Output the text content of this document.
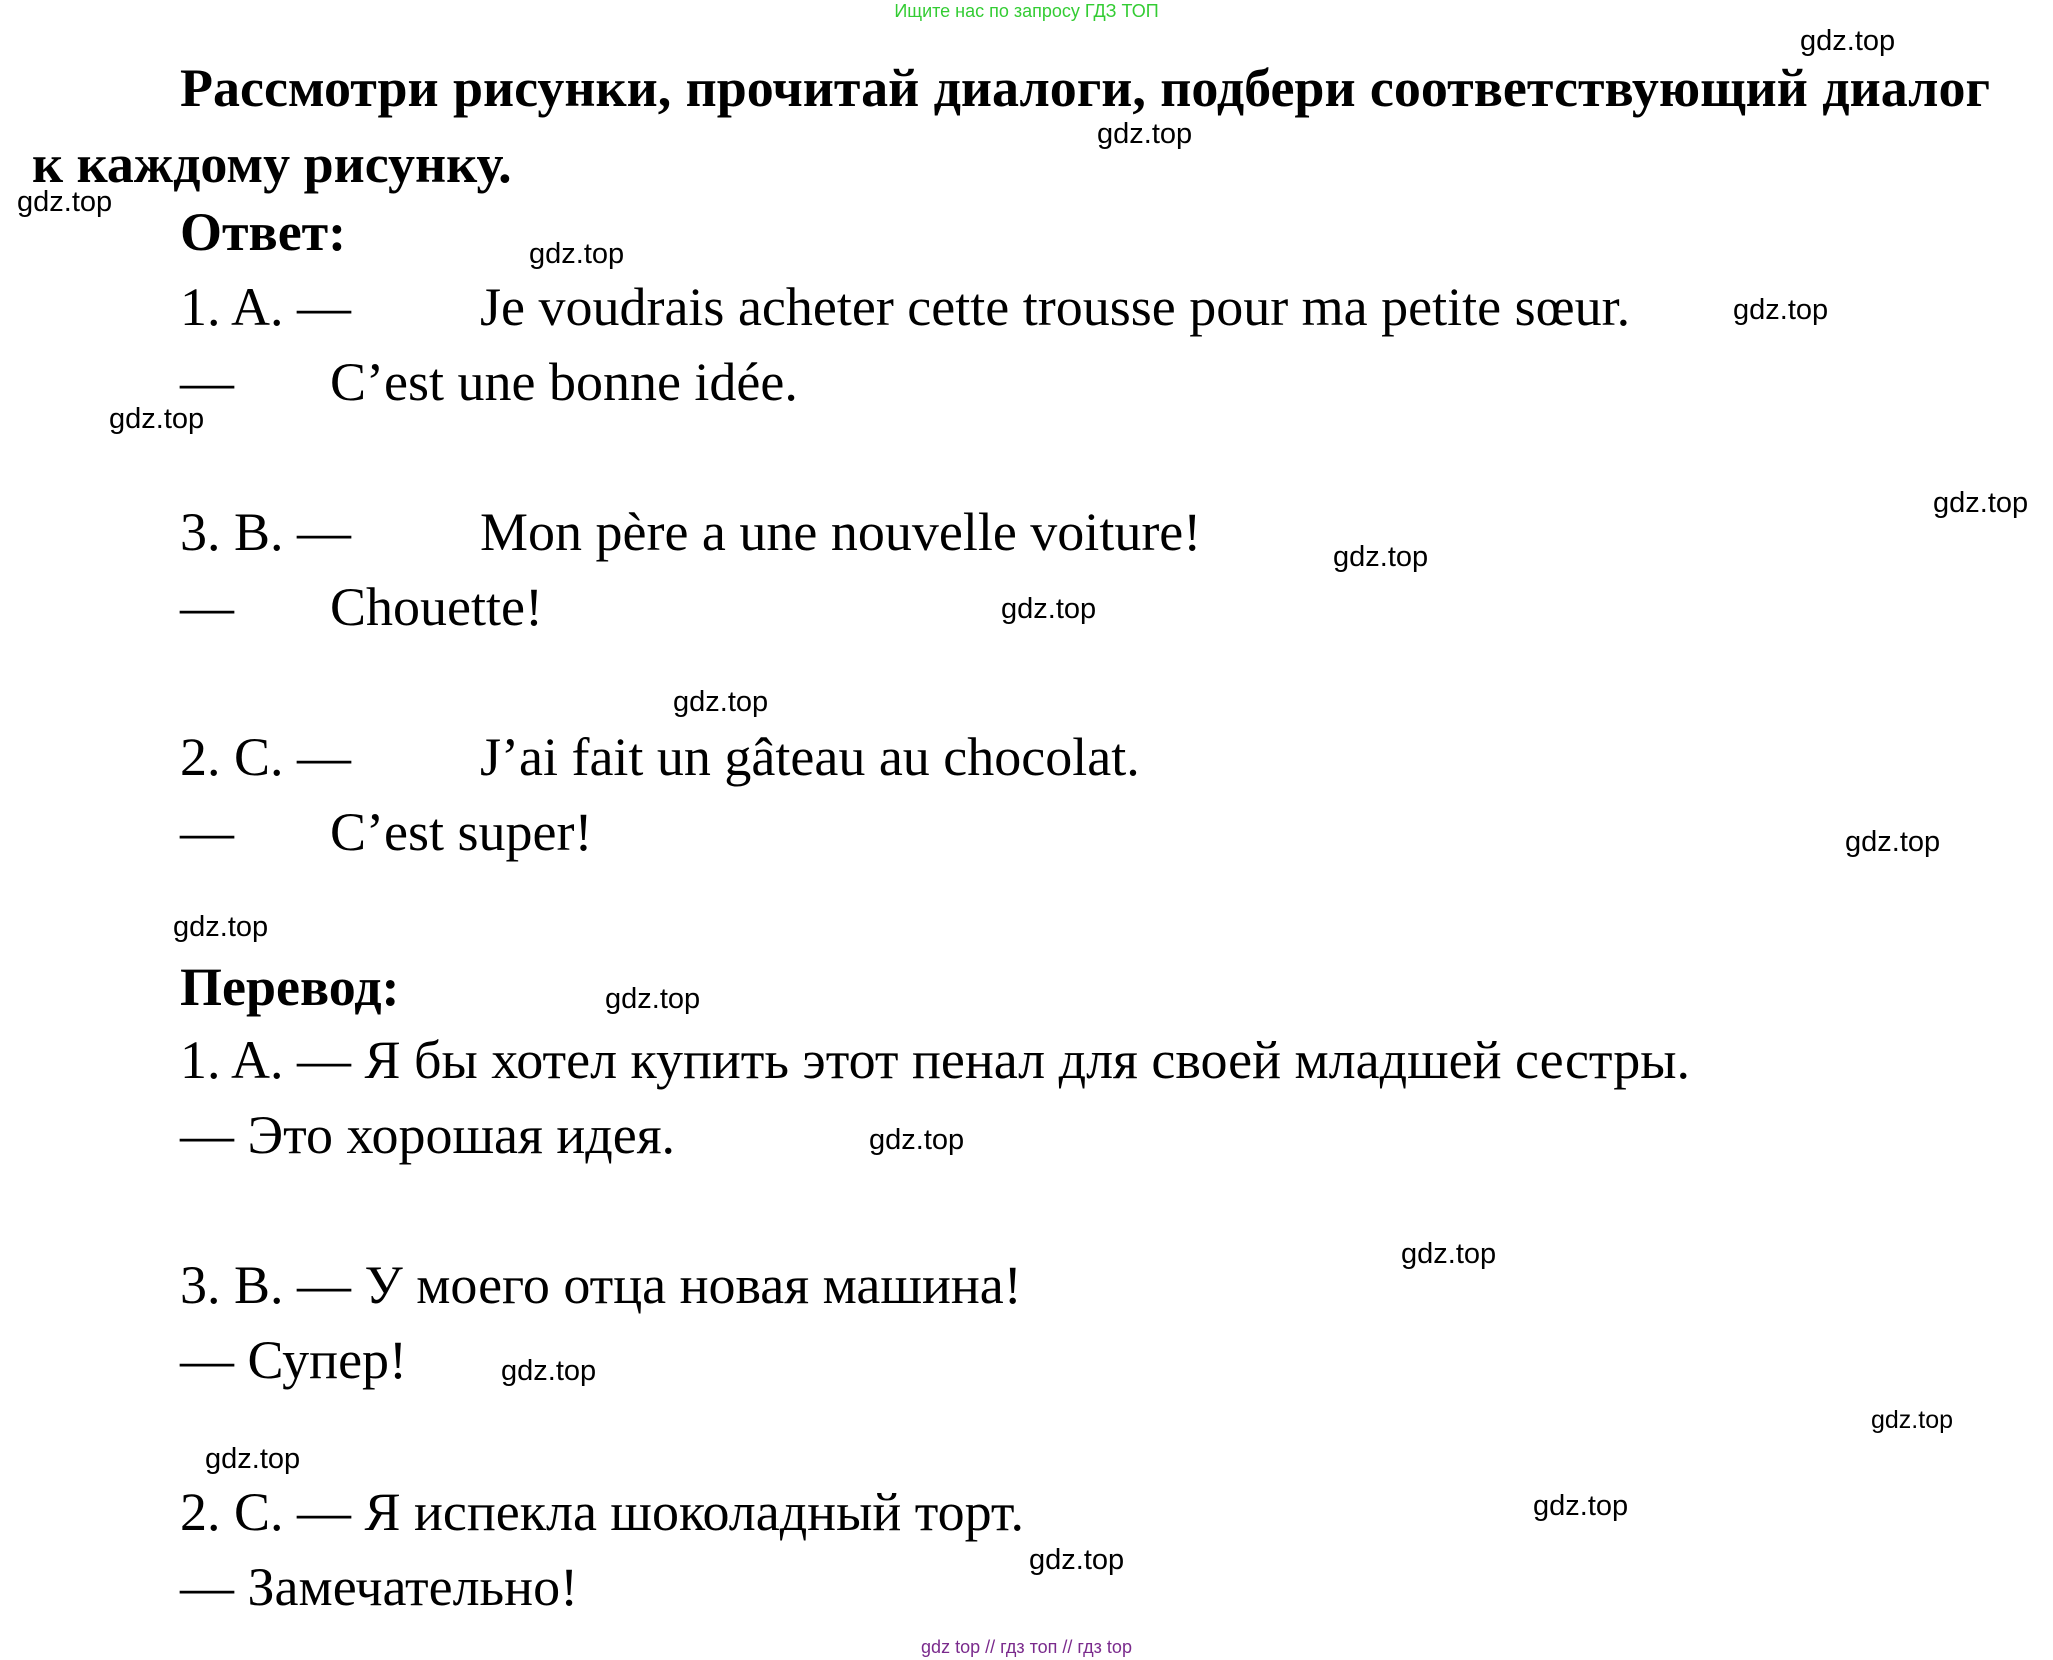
Ищите нас по запросу ГДЗ ТОП
Рассмотри рисунки, прочитай диалоги, подбери соответствующий диалог к каждому рисунку.
Ответ:
1. A. — Je voudrais acheter cette trousse pour ma petite sœur.
— C’est une bonne idée.
3. B. — Mon père a une nouvelle voiture!
— Chouette!
2. C. — J’ai fait un gâteau au chocolat.
— C’est super!
Перевод:
1. A. — Я бы хотел купить этот пенал для своей младшей сестры.
— Это хорошая идея.
3. B. — У моего отца новая машина!
— Супер!
2. C. — Я испекла шоколадный торт.
— Замечательно!
gdz.top
gdz.top
gdz.top
gdz.top
gdz.top
gdz.top
gdz.top
gdz.top
gdz.top
gdz.top
gdz.top
gdz.top
gdz.top
gdz.top
gdz.top
gdz.top
gdz.top
gdz.top
gdz.top
gdz.top
gdz top // гдз топ // гдз top
